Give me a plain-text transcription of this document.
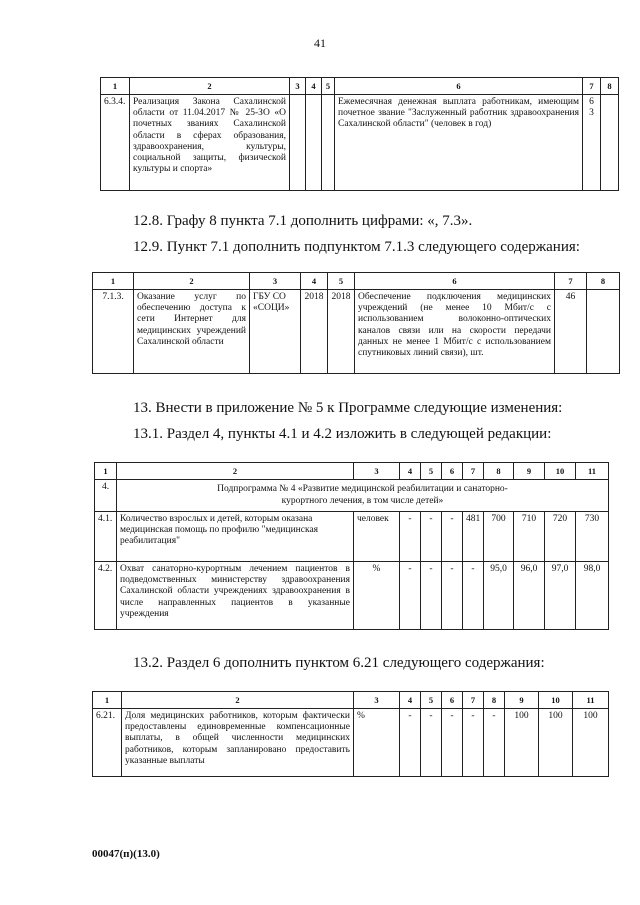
41
1	2	3	4	5	6	7	8
6.3.4.	Реализация Закона Сахалинской области от 11.04.2017 № 25-ЗО «О почетных званиях Сахалинской области в сферах образования, здравоохранения, культуры, социальной защиты, физической культуры и спорта»				Ежемесячная денежная выплата работникам, имеющим почетное звание "Заслуженный работник здравоохранения Сахалинской области" (человек в год)	6
3	
12.8. Графу 8 пункта 7.1 дополнить цифрами: «, 7.3».
12.9. Пункт 7.1 дополнить подпунктом 7.1.3 следующего содержания:
1	2	3	4	5	6	7	8
7.1.3.	Оказание услуг по обеспечению доступа к сети Интернет для медицинских учреждений Сахалинской области	ГБУ СО «СОЦИ»	2018	2018	Обеспечение подключения медицинских учреждений (не менее 10 Мбит/с с использованием волоконно-оптических каналов связи или на скорости передачи данных не менее 1 Мбит/с с использованием спутниковых линий связи), шт.	46	
13. Внести в приложение № 5 к Программе следующие изменения:
13.1. Раздел 4, пункты 4.1 и 4.2 изложить в следующей редакции:
1	2	3	4	5	6	7	8	9	10	11
4.	Подпрограмма № 4 «Развитие медицинской реабилитации и санаторно-курортного лечения, в том числе детей»									
4.1.	Количество взрослых и детей, которым оказана медицинская помощь по профилю "медицинская реабилитация"	человек	-	-	-	481	700	710	720	730
4.2.	Охват санаторно-курортным лечением пациентов в подведомственных министерству здравоохранения Сахалинской области учреждениях здравоохранения в числе направленных пациентов в указанные учреждения	%	-	-	-	-	95,0	96,0	97,0	98,0
13.2. Раздел 6 дополнить пунктом 6.21 следующего содержания:
1	2	3	4	5	6	7	8	9	10	11
6.21.	Доля медицинских работников, которым фактически предоставлены единовременные компенсационные выплаты, в общей численности медицинских работников, которым запланировано предоставить указанные выплаты	%	-	-	-	-	-	100	100	100
00047(п)(13.0)
